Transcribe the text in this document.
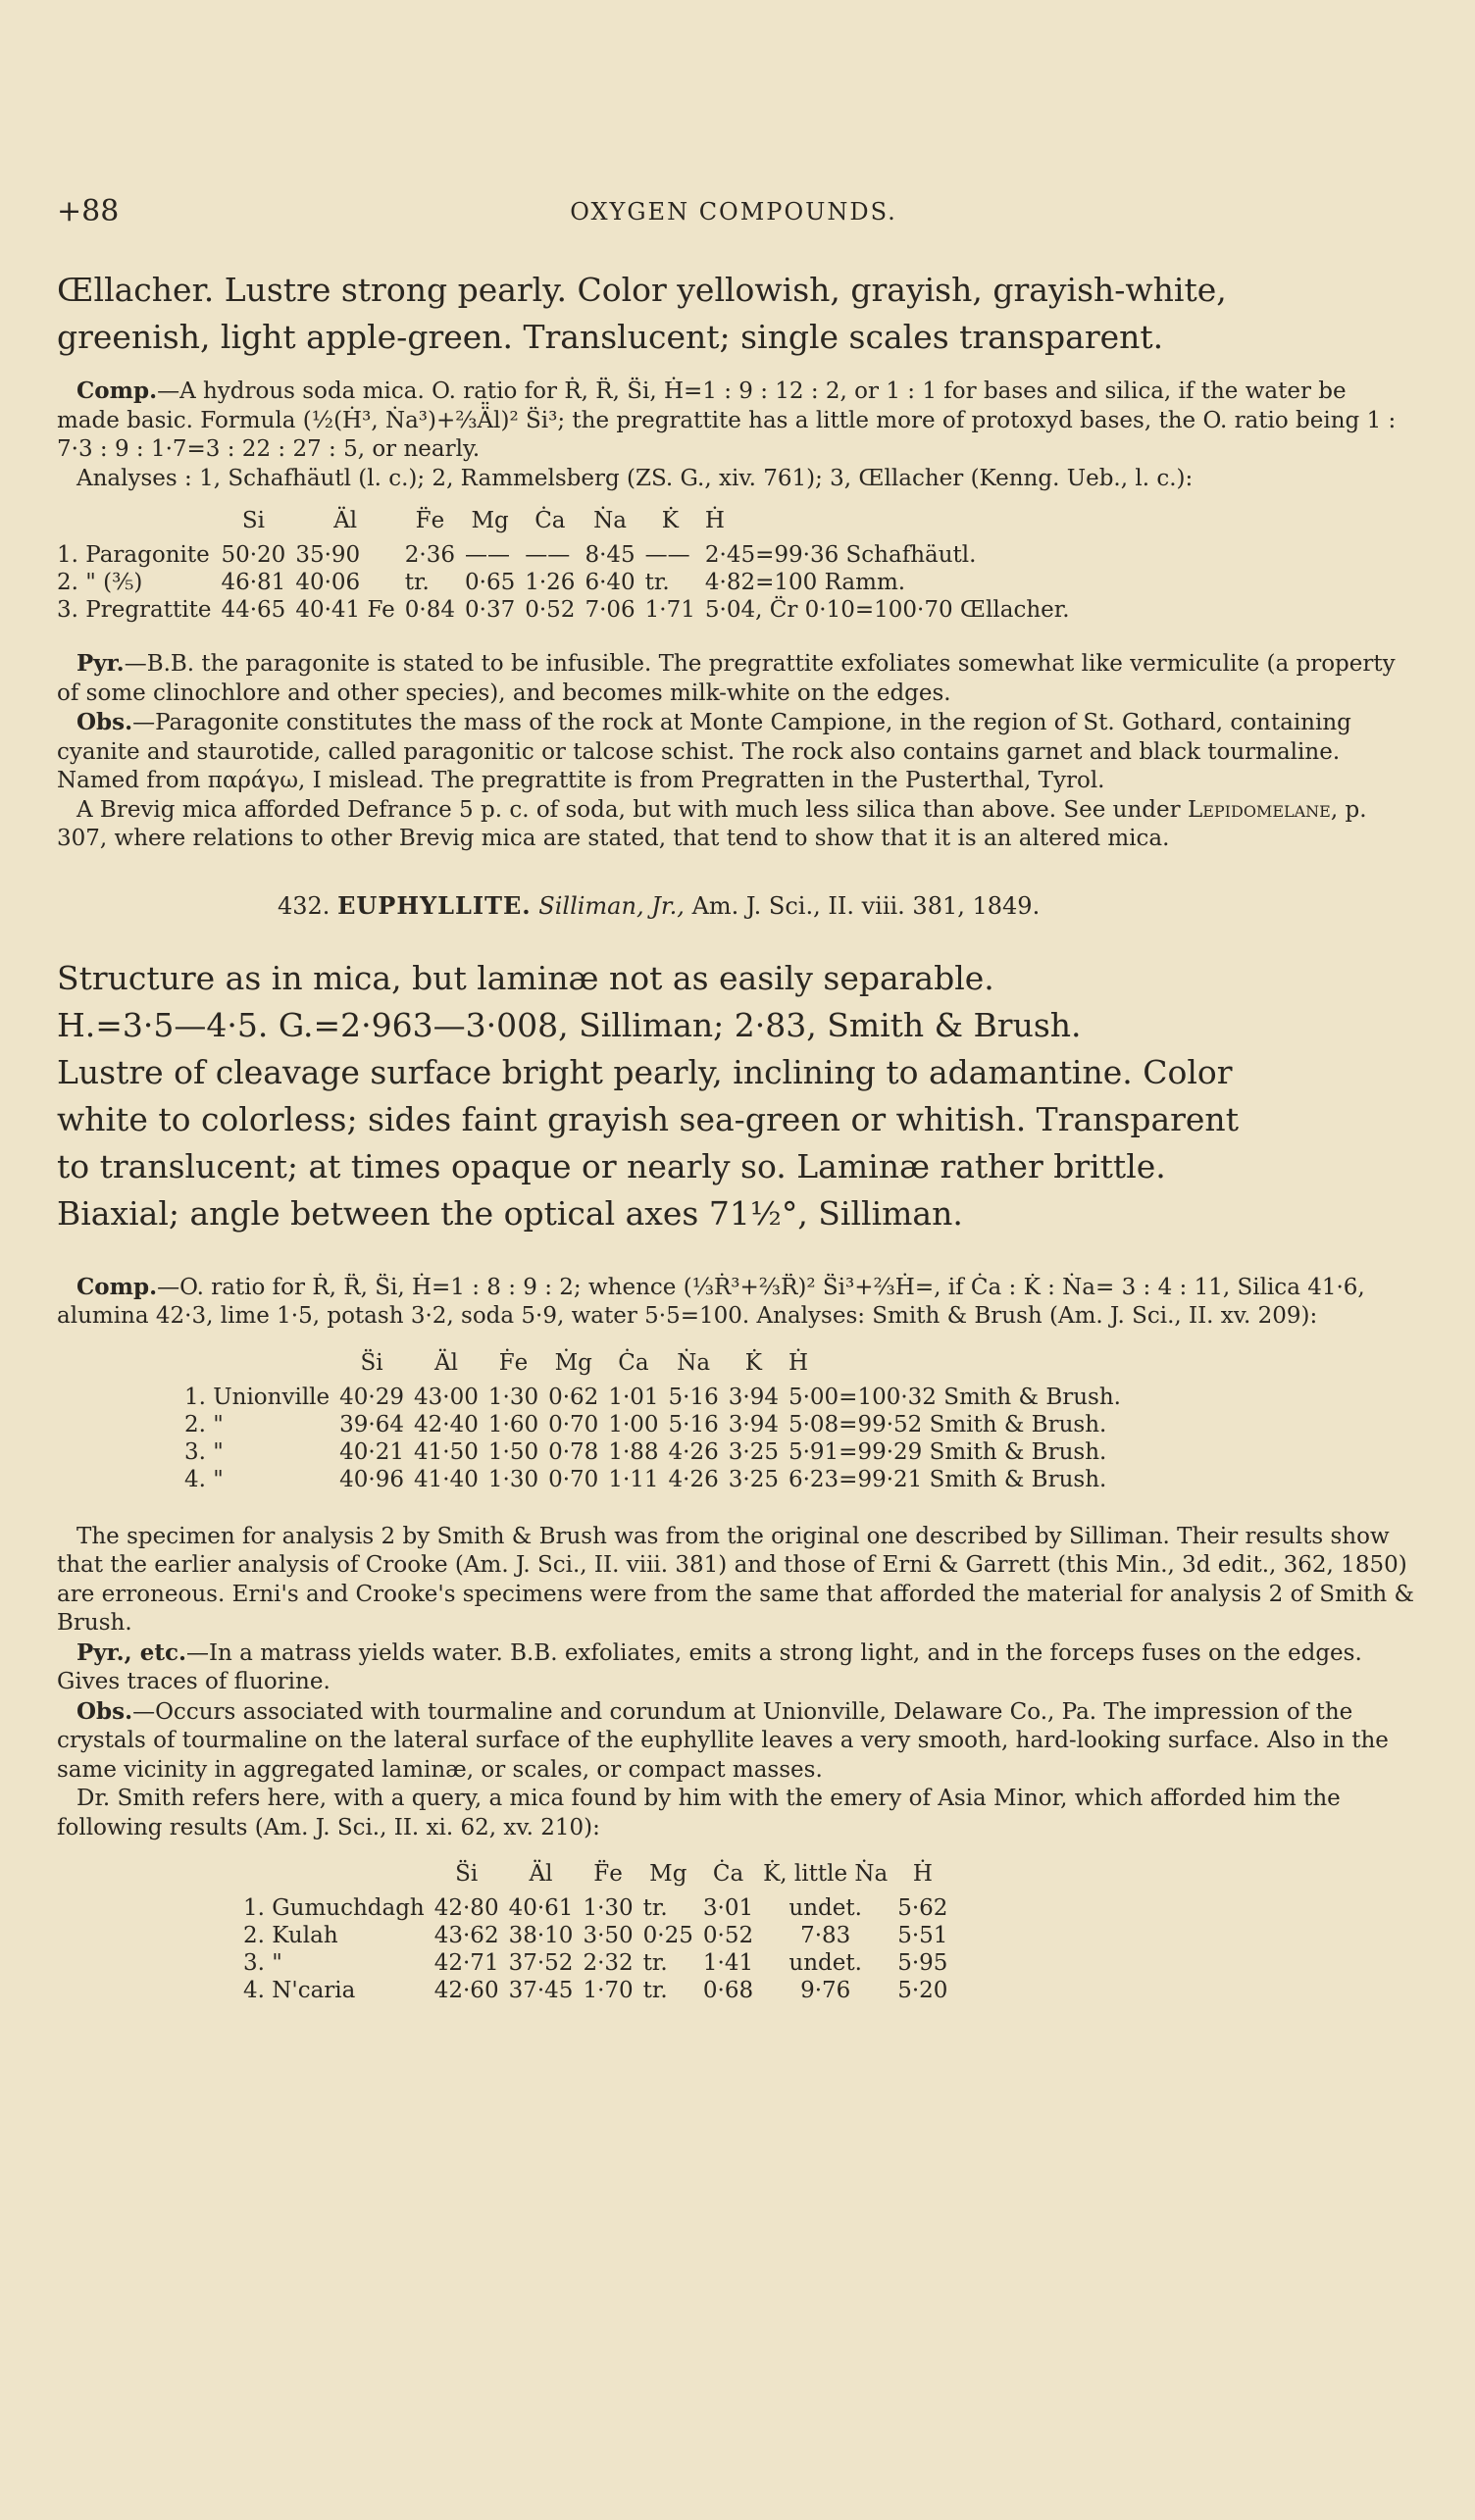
+88	OXYGEN COMPOUNDS.

Œllacher. Lustre strong pearly. Color yellowish, grayish, grayish-white,

greenish, light apple-green. Translucent; single scales transparent.

Comp.—A hydrous soda mica. O. ratio for Ṙ, R̈, S̈i, Ḣ=1 : 9 : 12 : 2, or 1 : 1 for bases and silica, if the water be made basic. Formula (½(Ḣ³, Ṅa³)+⅔Ä̈l)² S̈i³; the pregrattite has a little more of protoxyd bases, the O. ratio being 1 : 7·3 : 9 : 1·7=3 : 22 : 27 : 5, or nearly.

Analyses : 1, Schafhäutl (l. c.); 2, Rammelsberg (ZS. G., xiv. 761); 3, Œllacher (Kenng. Ueb., l. c.):

	Si	Äl	F̈e	Mg	Ċa	Ṅa	K̇	Ḣ
1. Paragonite	50·20	35·90	2·36	——	——	8·45	——	2·45=99·36 Schafhäutl.
2. " (⅗)	46·81	40·06	tr.	0·65	1·26	6·40	tr.	4·82=100 Ramm.
3. Pregrattite	44·65	40·41 Fe	0·84	0·37	0·52	7·06	1·71	5·04, C̈r 0·10=100·70 Œllacher.

Pyr.—B.B. the paragonite is stated to be infusible. The pregrattite exfoliates somewhat like vermiculite (a property of some clinochlore and other species), and becomes milk-white on the edges.

Obs.—Paragonite constitutes the mass of the rock at Monte Campione, in the region of St. Gothard, containing cyanite and staurotide, called paragonitic or talcose schist. The rock also contains garnet and black tourmaline. Named from παράγω, I mislead. The pregrattite is from Pregratten in the Pusterthal, Tyrol.

A Brevig mica afforded Defrance 5 p. c. of soda, but with much less silica than above. See under Lepidomelane, p. 307, where relations to other Brevig mica are stated, that tend to show that it is an altered mica.

432. EUPHYLLITE. Silliman, Jr., Am. J. Sci., II. viii. 381, 1849.

Structure as in mica, but laminæ not as easily separable.

H.=3·5—4·5. G.=2·963—3·008, Silliman; 2·83, Smith & Brush.

Lustre of cleavage surface bright pearly, inclining to adamantine. Color

white to colorless; sides faint grayish sea-green or whitish. Transparent

to translucent; at times opaque or nearly so. Laminæ rather brittle.

Biaxial; angle between the optical axes 71½°, Silliman.

Comp.—O. ratio for Ṙ, R̈, S̈i, Ḣ=1 : 8 : 9 : 2; whence (⅓Ṙ³+⅔R̈)² S̈i³+⅔Ḣ=, if Ċa : K̇ : Ṅa= 3 : 4 : 11, Silica 41·6, alumina 42·3, lime 1·5, potash 3·2, soda 5·9, water 5·5=100. Analyses: Smith & Brush (Am. J. Sci., II. xv. 209):

	S̈i	Äl	Ḟe	Ṁg	Ċa	Ṅa	K̇	Ḣ
1. Unionville	40·29	43·00	1·30	0·62	1·01	5·16	3·94	5·00=100·32 Smith & Brush.
2. "	39·64	42·40	1·60	0·70	1·00	5·16	3·94	5·08=99·52 Smith & Brush.
3. "	40·21	41·50	1·50	0·78	1·88	4·26	3·25	5·91=99·29 Smith & Brush.
4. "	40·96	41·40	1·30	0·70	1·11	4·26	3·25	6·23=99·21 Smith & Brush.

The specimen for analysis 2 by Smith & Brush was from the original one described by Silliman. Their results show that the earlier analysis of Crooke (Am. J. Sci., II. viii. 381) and those of Erni & Garrett (this Min., 3d edit., 362, 1850) are erroneous. Erni's and Crooke's specimens were from the same that afforded the material for analysis 2 of Smith & Brush.

Pyr., etc.—In a matrass yields water. B.B. exfoliates, emits a strong light, and in the forceps fuses on the edges. Gives traces of fluorine.

Obs.—Occurs associated with tourmaline and corundum at Unionville, Delaware Co., Pa. The impression of the crystals of tourmaline on the lateral surface of the euphyllite leaves a very smooth, hard-looking surface. Also in the same vicinity in aggregated laminæ, or scales, or compact masses.

Dr. Smith refers here, with a query, a mica found by him with the emery of Asia Minor, which afforded him the following results (Am. J. Sci., II. xi. 62, xv. 210):

	S̈i	Äl	F̈e	Mg	Ċa	K̇, little Ṅa	Ḣ
1. Gumuchdagh	42·80	40·61	1·30	tr.	3·01	undet.	5·62
2. Kulah	43·62	38·10	3·50	0·25	0·52	7·83	5·51
3. "	42·71	37·52	2·32	tr.	1·41	undet.	5·95
4. N'caria	42·60	37·45	1·70	tr.	0·68	9·76	5·20
